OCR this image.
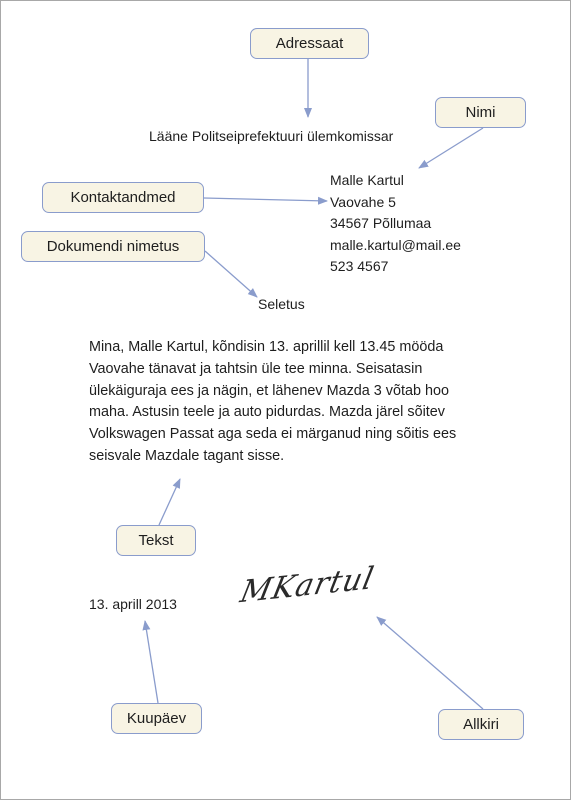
Adressaat
Nimi
Kontaktandmed
Dokumendi nimetus
Tekst
Kuupäev	Allkiri
Lääne Politseiprefektuuri ülemkomissar
Malle Kartul
Vaovahe 5
34567 Põllumaa
malle.kartul@mail.ee
523 4567
Seletus
Mina, Malle Kartul, kõndisin 13. aprillil kell 13.45 mööda
Vaovahe tänavat ja tahtsin üle tee minna. Seisatasin
ülekäiguraja ees ja nägin, et lähenev Mazda 3 võtab hoo
maha. Astusin teele ja auto pidurdas. Mazda järel sõitev
Volkswagen Passat aga seda ei märganud ning sõitis ees
seisvale Mazdale tagant sisse.
13. aprill 2013 MKartul
